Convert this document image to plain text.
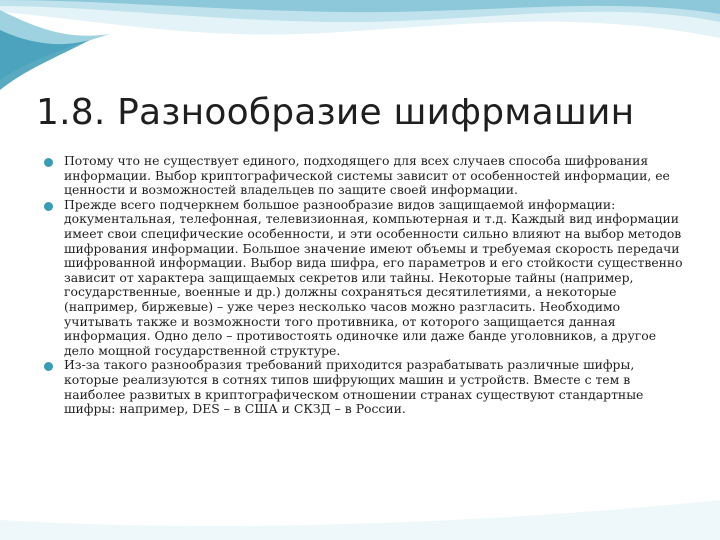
1.8. Разнообразие шифрмашин
Потому что не существует единого, подходящего для всех случаев способа шифрования информации. Выбор криптографической системы зависит от особенностей информации, ее ценности и возможностей владельцев по защите своей информации.
Прежде всего подчеркнем большое разнообразие видов защищаемой информации: документальная, телефонная, телевизионная, компьютерная и т.д. Каждый вид информации имеет свои специфические особенности, и эти особенности сильно влияют на выбор методов шифрования информации. Большое значение имеют объемы и требуемая скорость передачи шифрованной информации. Выбор вида шифра, его параметров и его стойкости существенно зависит от характера защищаемых секретов или тайны. Некоторые тайны (например, государственные, военные и др.) должны сохраняться десятилетиями, а некоторые (например, биржевые) – уже через несколько часов можно разгласить. Необходимо учитывать также и возможности того противника, от которого защищается данная информация. Одно дело – противостоять одиночке или даже банде уголовников, а другое дело мощной государственной структуре.
Из-за такого разнообразия требований приходится разрабатывать различные шифры, которые реализуются в сотнях типов шифрующих машин и устройств. Вместе с тем в наиболее развитых в криптографическом отношении странах существуют стандартные шифры: например, DES – в США и СКЗД – в России.
